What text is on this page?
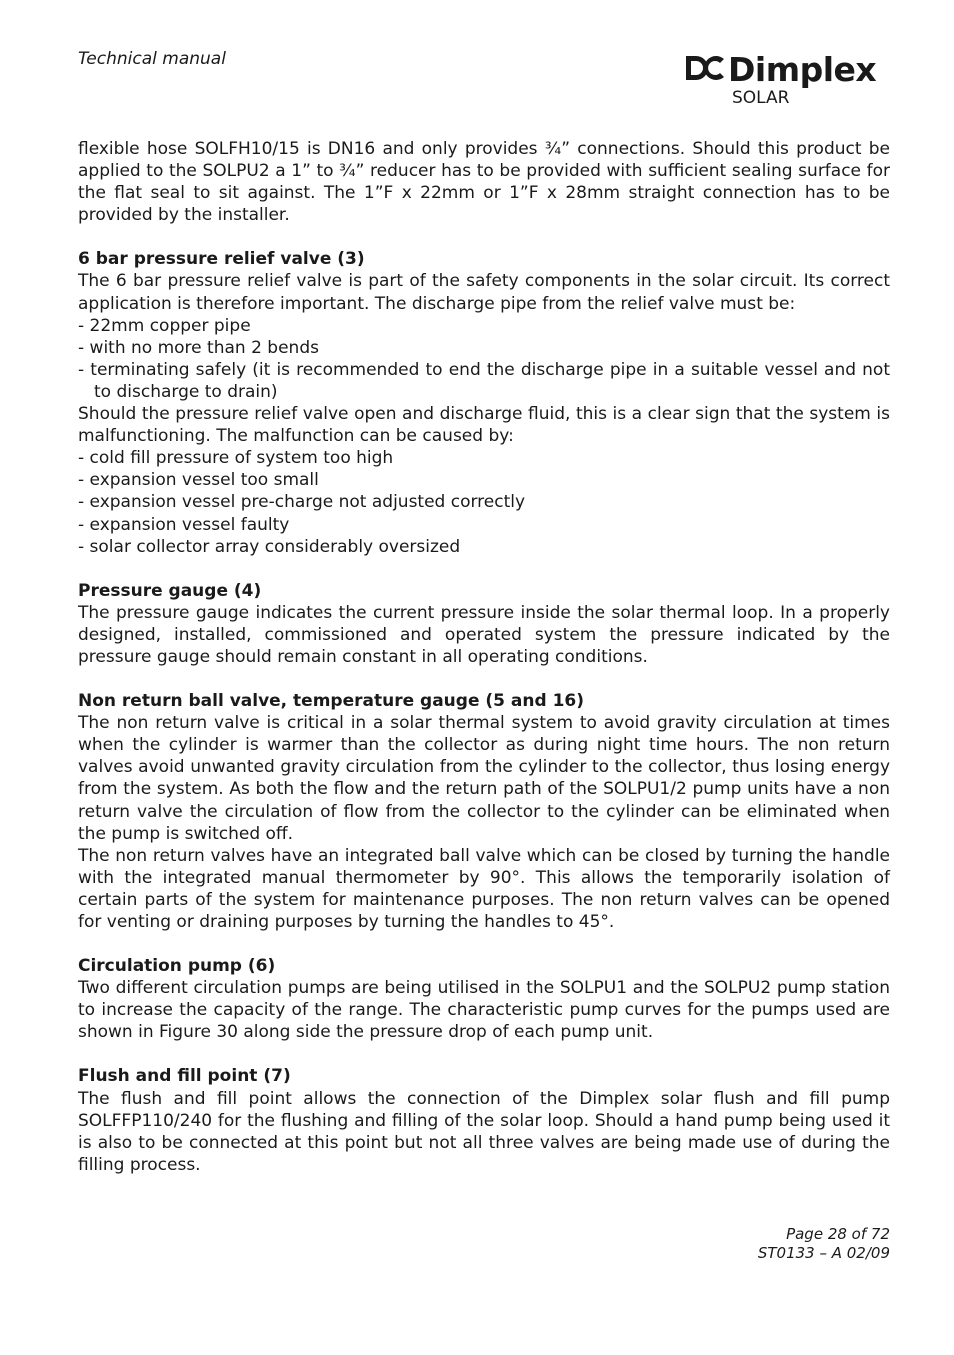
Technical manual	Dimplex
SOLAR

flexible hose SOLFH10/15 is DN16 and only provides ¾” connections. Should this product be applied to the SOLPU2 a 1” to ¾” reducer has to be provided with sufficient sealing surface for the flat seal to sit against. The 1”F x 22mm or 1”F x 28mm straight connection has to be provided by the installer.

6 bar pressure relief valve (3)

The 6 bar pressure relief valve is part of the safety components in the solar circuit. Its correct application is therefore important. The discharge pipe from the relief valve must be:

- 22mm copper pipe
- with no more than 2 bends
- terminating safely (it is recommended to end the discharge pipe in a suitable vessel and not to discharge to drain)

Should the pressure relief valve open and discharge fluid, this is a clear sign that the system is malfunctioning. The malfunction can be caused by:

- cold fill pressure of system too high
- expansion vessel too small
- expansion vessel pre-charge not adjusted correctly
- expansion vessel faulty
- solar collector array considerably oversized
Pressure gauge (4)

The pressure gauge indicates the current pressure inside the solar thermal loop. In a properly designed, installed, commissioned and operated system the pressure indicated by the pressure gauge should remain constant in all operating conditions.

Non return ball valve, temperature gauge (5 and 16)

The non return valve is critical in a solar thermal system to avoid gravity circulation at times when the cylinder is warmer than the collector as during night time hours. The non return valves avoid unwanted gravity circulation from the cylinder to the collector, thus losing energy from the system. As both the flow and the return path of the SOLPU1/2 pump units have a non return valve the circulation of flow from the collector to the cylinder can be eliminated when the pump is switched off.

The non return valves have an integrated ball valve which can be closed by turning the handle with the integrated manual thermometer by 90°. This allows the temporarily isolation of certain parts of the system for maintenance purposes. The non return valves can be opened for venting or draining purposes by turning the handles to 45°.

Circulation pump (6)

Two different circulation pumps are being utilised in the SOLPU1 and the SOLPU2 pump station to increase the capacity of the range. The characteristic pump curves for the pumps used are shown in Figure 30 along side the pressure drop of each pump unit.

Flush and fill point (7)

The flush and fill point allows the connection of the Dimplex solar flush and fill pump SOLFFP110/240 for the flushing and filling of the solar loop. Should a hand pump being used it is also to be connected at this point but not all three valves are being made use of during the filling process.

Page 28 of 72
ST0133 – A 02/09
